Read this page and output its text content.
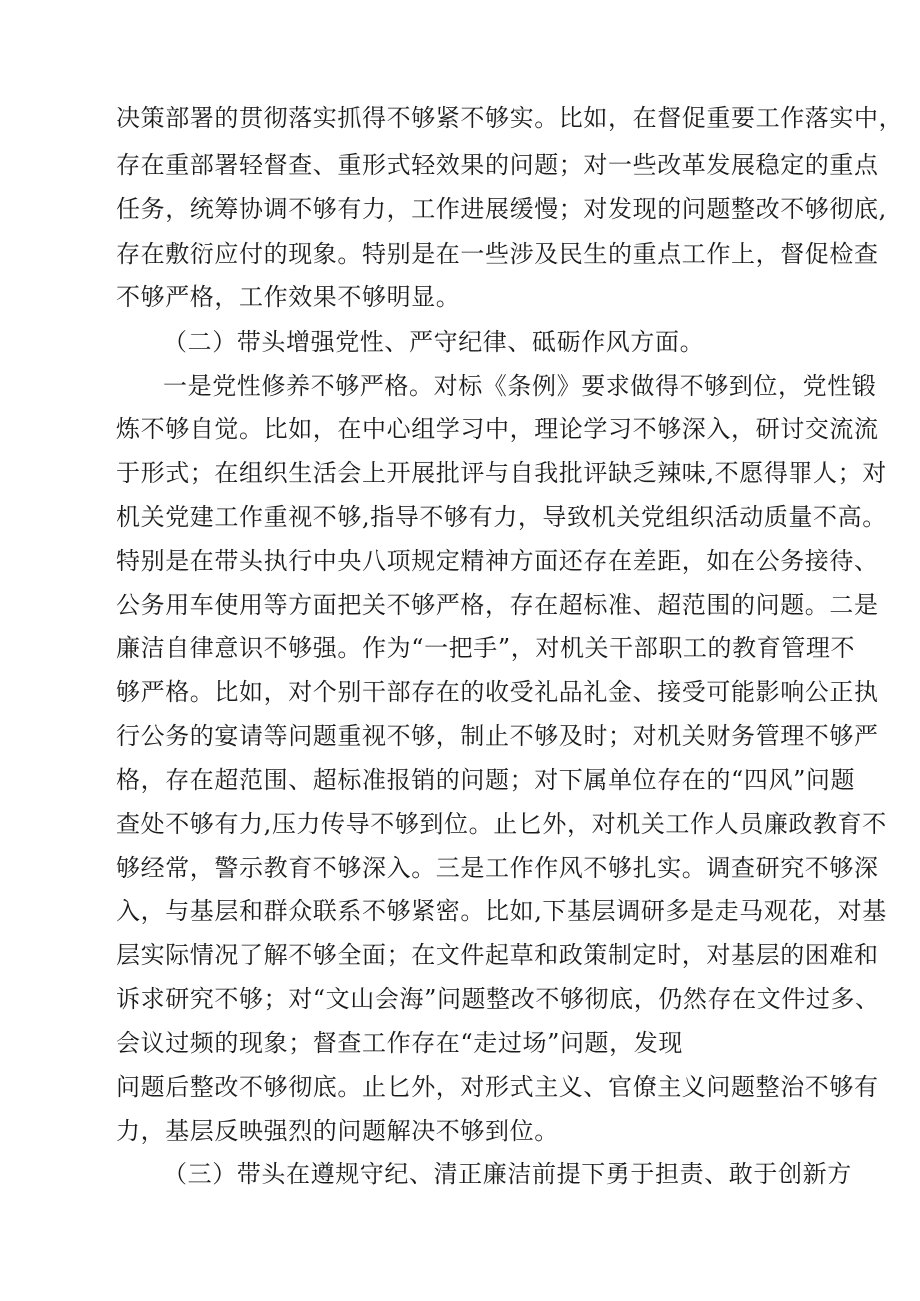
决策部署的贯彻落实抓得不够紧不够实。比如，在督促重要工作落实中，
存在重部署轻督查、重形式轻效果的问题；对一些改革发展稳定的重点
任务，统筹协调不够有力，工作进展缓慢；对发现的问题整改不够彻底,
存在敷衍应付的现象。特别是在一些涉及民生的重点工作上，督促检查
不够严格，工作效果不够明显。
（二）带头增强党性、严守纪律、砥砺作风方面。
一是党性修养不够严格。对标《条例》要求做得不够到位，党性锻
炼不够自觉。比如，在中心组学习中，理论学习不够深入，研讨交流流
于形式；在组织生活会上开展批评与自我批评缺乏辣味,不愿得罪人；对
机关党建工作重视不够,指导不够有力，导致机关党组织活动质量不高。
特别是在带头执行中央八项规定精神方面还存在差距，如在公务接待、
公务用车使用等方面把关不够严格，存在超标准、超范围的问题。二是
廉洁自律意识不够强。作为“一把手”，对机关干部职工的教育管理不
够严格。比如，对个别干部存在的收受礼品礼金、接受可能影响公正执
行公务的宴请等问题重视不够，制止不够及时；对机关财务管理不够严
格，存在超范围、超标准报销的问题；对下属单位存在的“四风”问题
查处不够有力,压力传导不够到位。止匕外，对机关工作人员廉政教育不
够经常，警示教育不够深入。三是工作作风不够扎实。调查研究不够深
入，与基层和群众联系不够紧密。比如,下基层调研多是走马观花，对基
层实际情况了解不够全面；在文件起草和政策制定时，对基层的困难和
诉求研究不够；对“文山会海”问题整改不够彻底，仍然存在文件过多、
会议过频的现象；督查工作存在“走过场”问题，发现
问题后整改不够彻底。止匕外，对形式主义、官僚主义问题整治不够有
力，基层反映强烈的问题解决不够到位。
（三）带头在遵规守纪、清正廉洁前提下勇于担责、敢于创新方
